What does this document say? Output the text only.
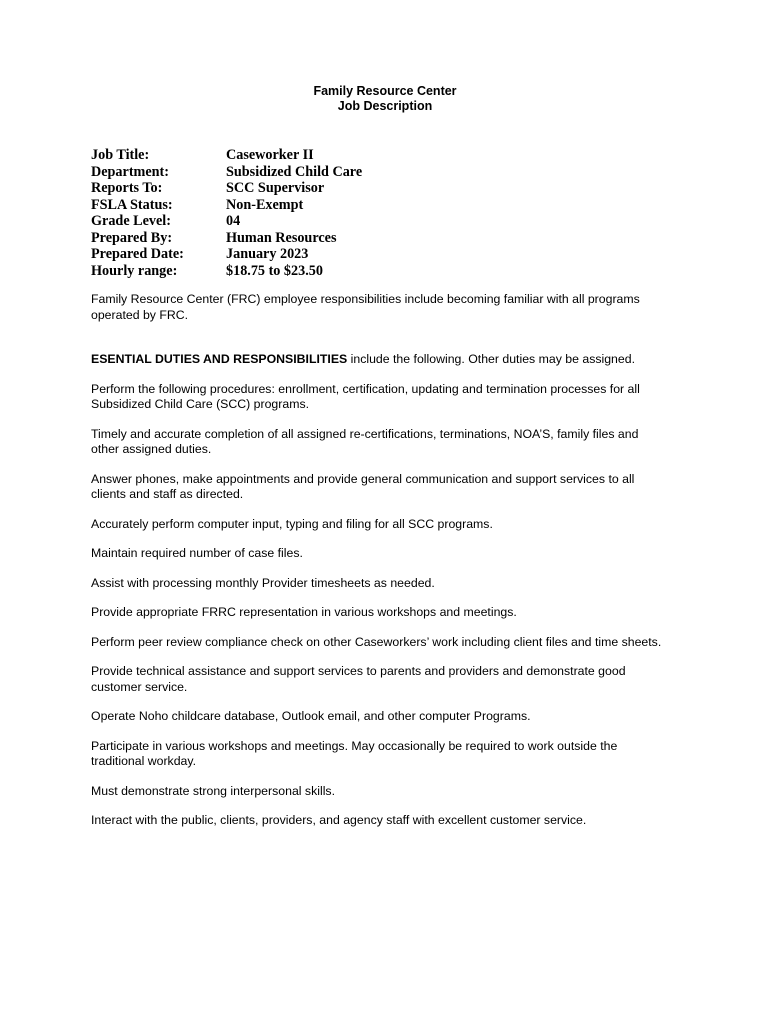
Family Resource Center
Job Description
Job Title:	Caseworker II
Department:	Subsidized Child Care
Reports To:	SCC Supervisor
FSLA Status:	Non-Exempt
Grade Level:	04
Prepared By:	Human Resources
Prepared Date:	January 2023
Hourly range:	$18.75 to $23.50
Family Resource Center (FRC) employee responsibilities include becoming familiar with all programs
operated by FRC.
ESENTIAL DUTIES AND RESPONSIBILITIES include the following. Other duties may be assigned.
Perform the following procedures: enrollment, certification, updating and termination processes for all
Subsidized Child Care (SCC) programs.
Timely and accurate completion of all assigned re-certifications, terminations, NOA’S, family files and
other assigned duties.
Answer phones, make appointments and provide general communication and support services to all
clients and staff as directed.
Accurately perform computer input, typing and filing for all SCC programs.
Maintain required number of case files.
Assist with processing monthly Provider timesheets as needed.
Provide appropriate FRRC representation in various workshops and meetings.
Perform peer review compliance check on other Caseworkers’ work including client files and time sheets.
Provide technical assistance and support services to parents and providers and demonstrate good
customer service.
Operate Noho childcare database, Outlook email, and other computer Programs.
Participate in various workshops and meetings. May occasionally be required to work outside the
traditional workday.
Must demonstrate strong interpersonal skills.
Interact with the public, clients, providers, and agency staff with excellent customer service.
